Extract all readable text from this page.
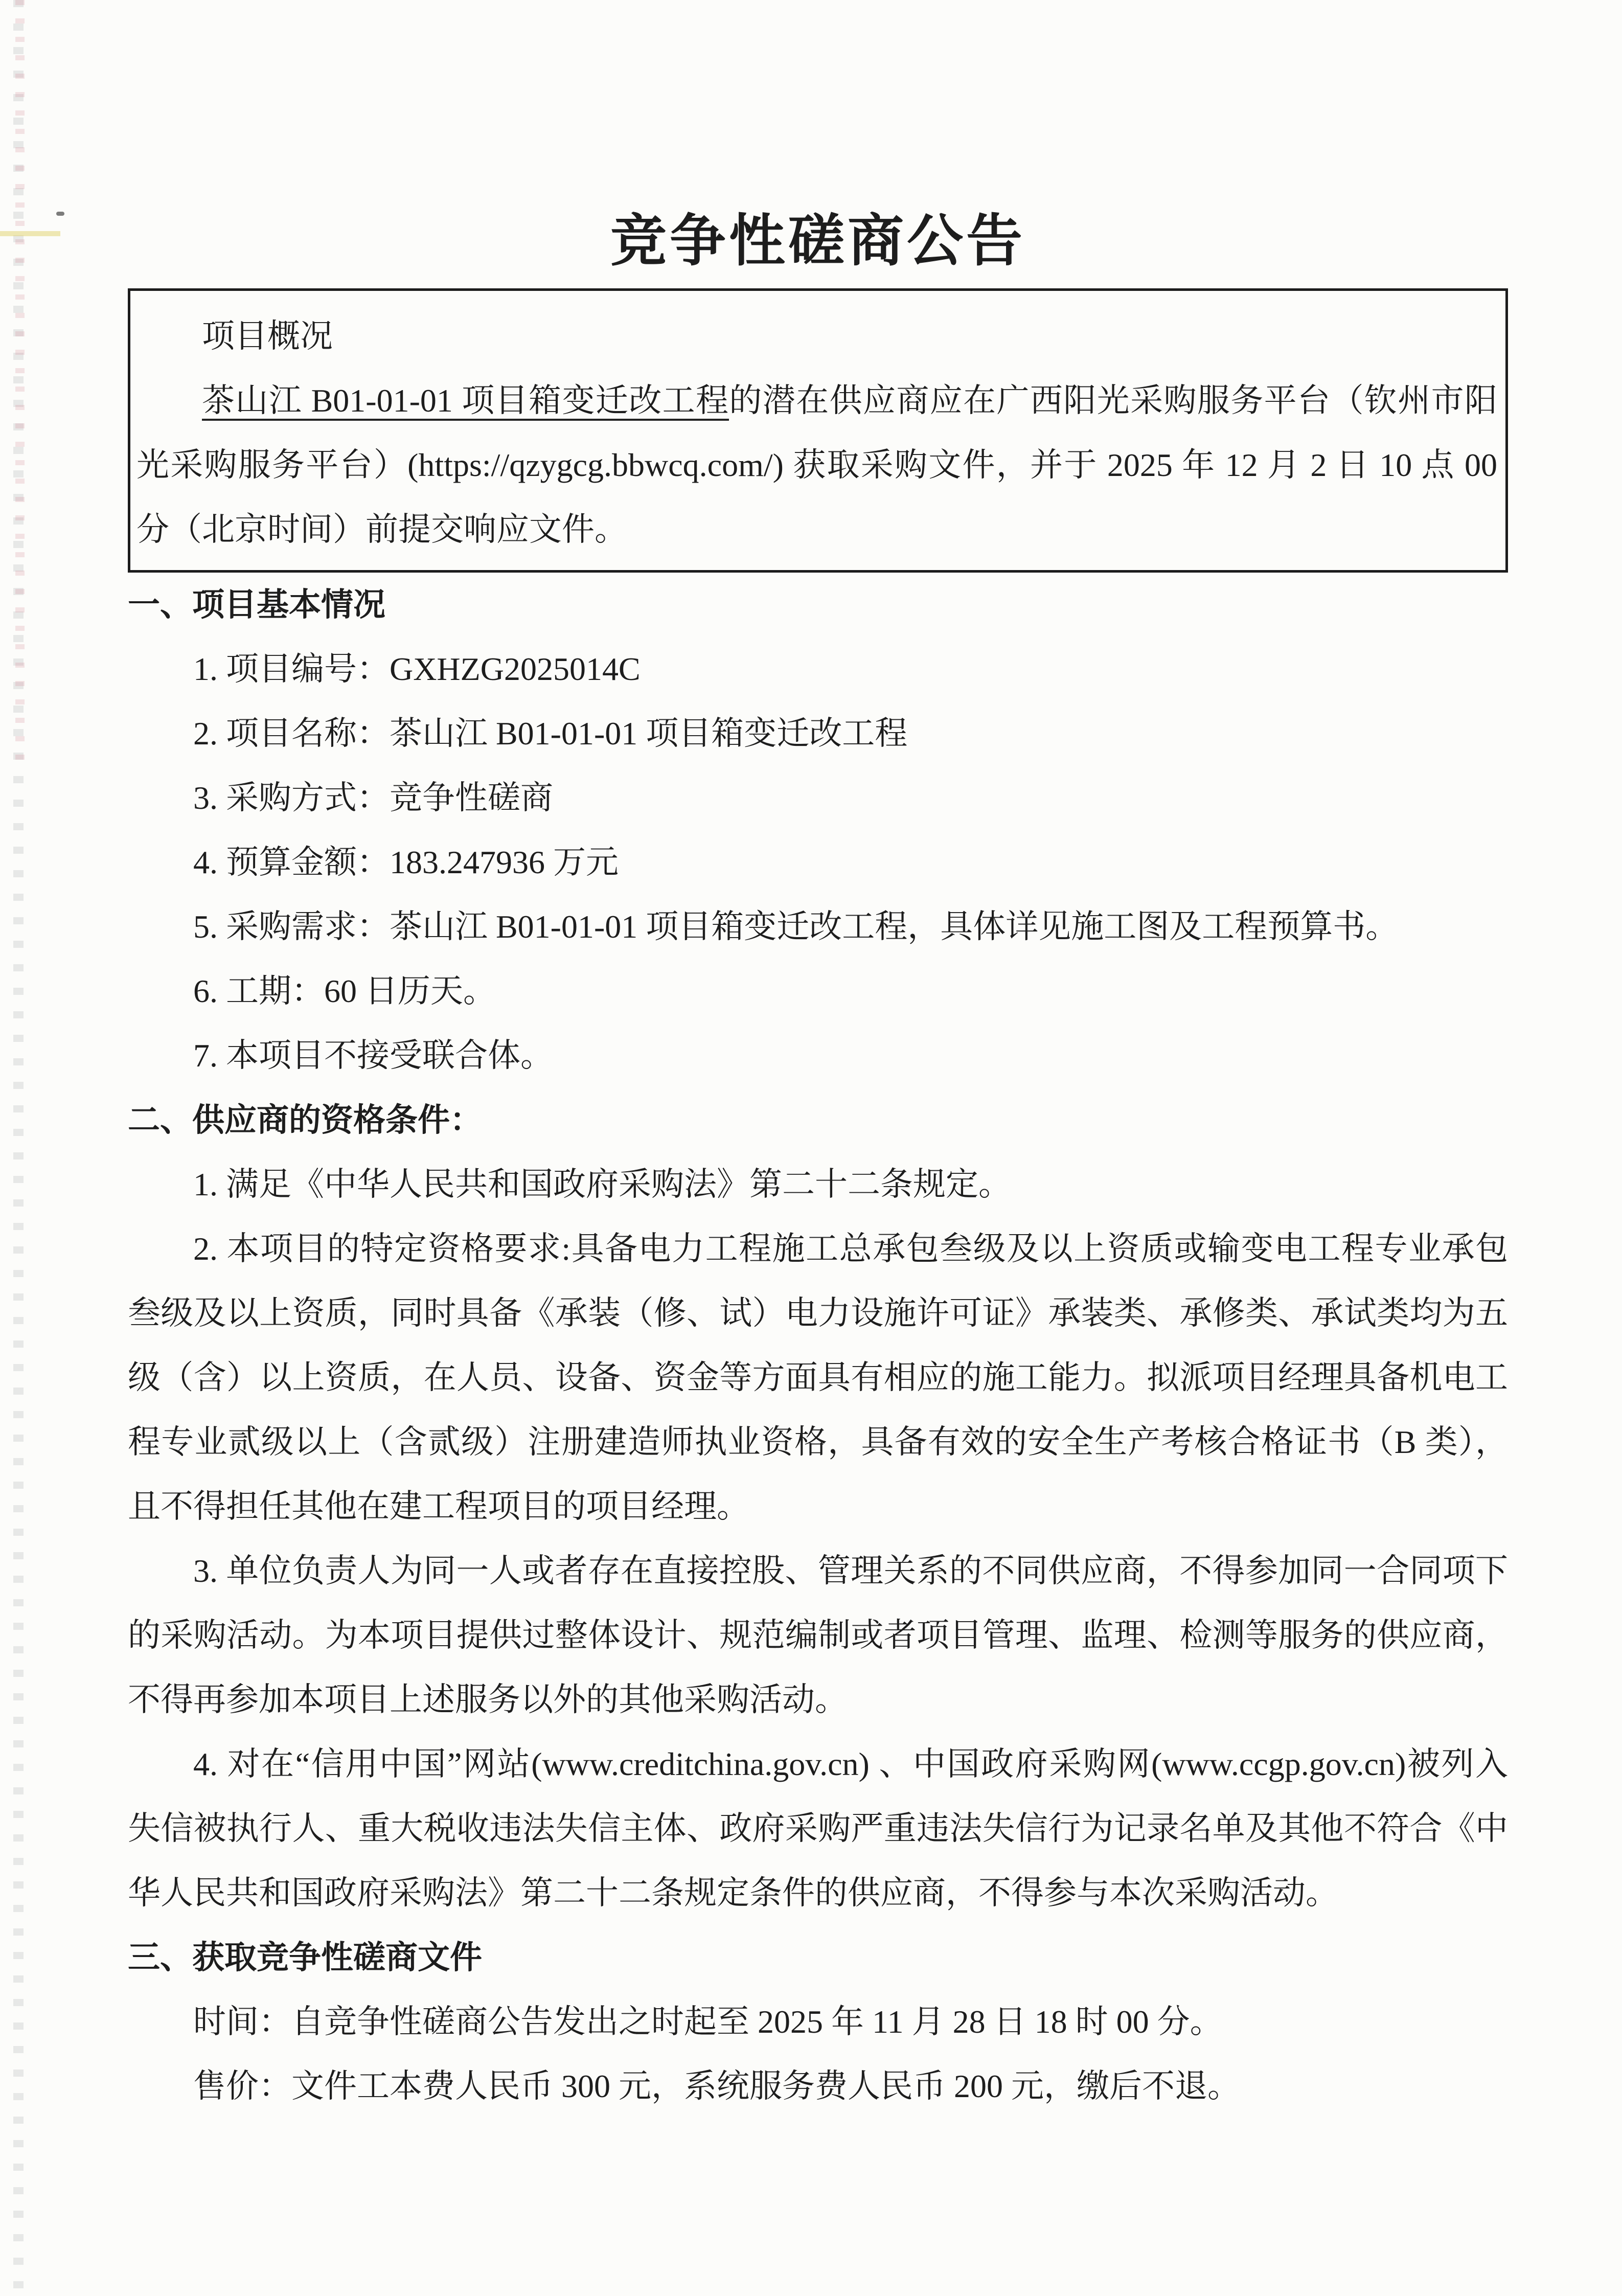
竞争性磋商公告

项目概况

茶山江 B01-01-01 项目箱变迁改工程的潜在供应商应在广西阳光采购服务平台（钦州市阳光采购服务平台）(https://qzygcg.bbwcq.com/) 获取采购文件，并于 2025 年 12 月 2 日 10 点 00 分（北京时间）前提交响应文件。

一、项目基本情况

1. 项目编号：GXHZG2025014C

2. 项目名称：茶山江 B01-01-01 项目箱变迁改工程

3. 采购方式：竞争性磋商

4. 预算金额：183.247936 万元

5. 采购需求：茶山江 B01-01-01 项目箱变迁改工程，具体详见施工图及工程预算书。

6. 工期：60 日历天。

7. 本项目不接受联合体。

二、供应商的资格条件：

1. 满足《中华人民共和国政府采购法》第二十二条规定。

2. 本项目的特定资格要求:具备电力工程施工总承包叁级及以上资质或输变电工程专业承包叁级及以上资质，同时具备《承装（修、试）电力设施许可证》承装类、承修类、承试类均为五级（含）以上资质，在人员、设备、资金等方面具有相应的施工能力。拟派项目经理具备机电工程专业贰级以上（含贰级）注册建造师执业资格，具备有效的安全生产考核合格证书（B 类），且不得担任其他在建工程项目的项目经理。

3. 单位负责人为同一人或者存在直接控股、管理关系的不同供应商，不得参加同一合同项下的采购活动。为本项目提供过整体设计、规范编制或者项目管理、监理、检测等服务的供应商，不得再参加本项目上述服务以外的其他采购活动。

4. 对在“信用中国”网站(www.creditchina.gov.cn) 、中国政府采购网(www.ccgp.gov.cn)被列入失信被执行人、重大税收违法失信主体、政府采购严重违法失信行为记录名单及其他不符合《中华人民共和国政府采购法》第二十二条规定条件的供应商，不得参与本次采购活动。

三、获取竞争性磋商文件

时间：自竞争性磋商公告发出之时起至 2025 年 11 月 28 日 18 时 00 分。

售价：文件工本费人民币 300 元，系统服务费人民币 200 元，缴后不退。
